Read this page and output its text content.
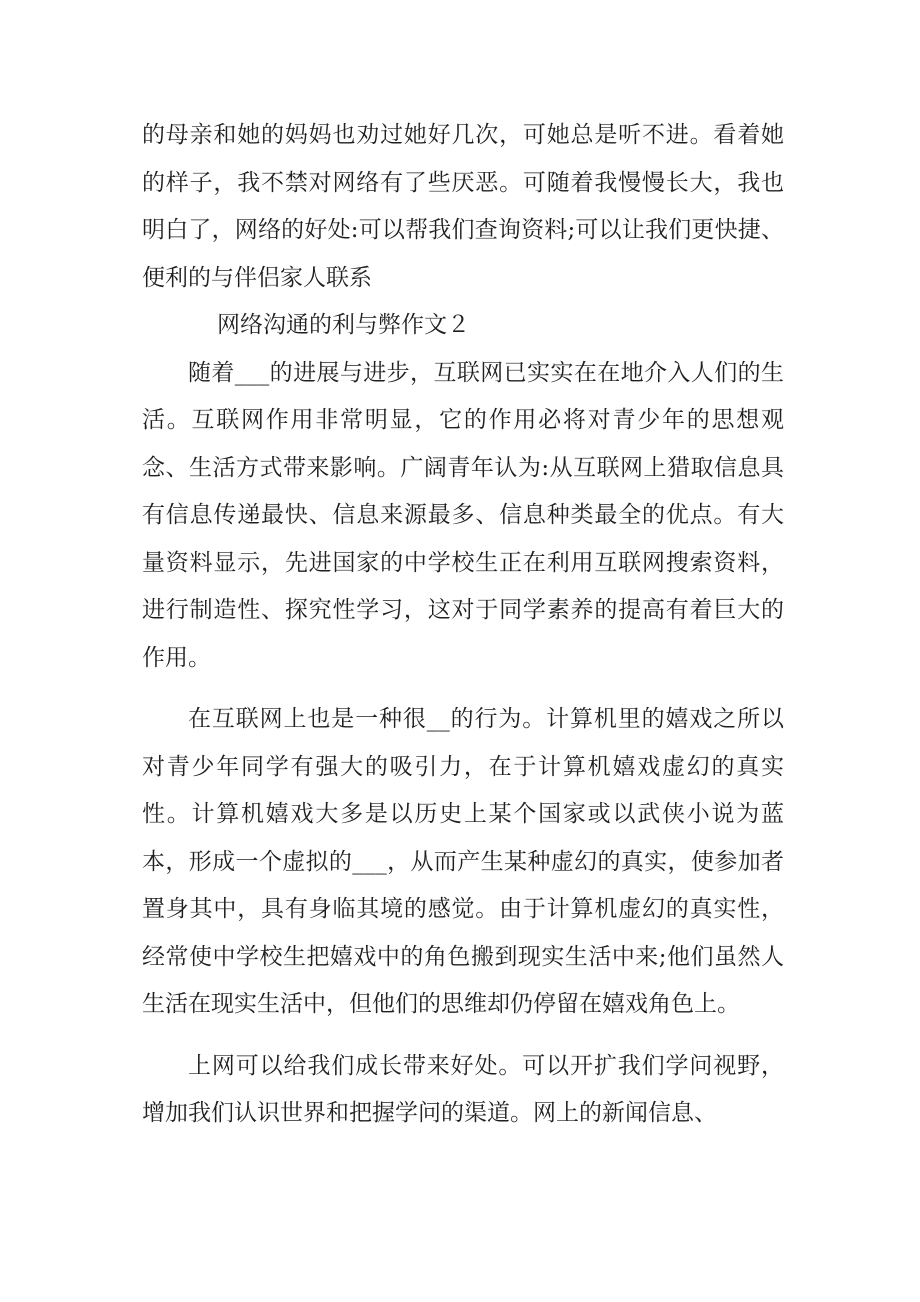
的母亲和她的妈妈也劝过她好几次，可她总是听不进。看着她的样子，我不禁对网络有了些厌恶。可随着我慢慢长大，我也明白了，网络的好处:可以帮我们查询资料;可以让我们更快捷、便利的与伴侣家人联系

网络沟通的利与弊作文２

随着___的进展与进步，互联网已实实在在地介入人们的生活。互联网作用非常明显，它的作用必将对青少年的思想观念、生活方式带来影响。广阔青年认为:从互联网上猎取信息具有信息传递最快、信息来源最多、信息种类最全的优点。有大量资料显示，先进国家的中学校生正在利用互联网搜索资料，进行制造性、探究性学习，这对于同学素养的提高有着巨大的作用。

在互联网上也是一种很__的行为。计算机里的嬉戏之所以对青少年同学有强大的吸引力，在于计算机嬉戏虚幻的真实性。计算机嬉戏大多是以历史上某个国家或以武侠小说为蓝本，形成一个虚拟的___，从而产生某种虚幻的真实，使参加者置身其中，具有身临其境的感觉。由于计算机虚幻的真实性，经常使中学校生把嬉戏中的角色搬到现实生活中来;他们虽然人生活在现实生活中，但他们的思维却仍停留在嬉戏角色上。

上网可以给我们成长带来好处。可以开扩我们学问视野，增加我们认识世界和把握学问的渠道。网上的新闻信息、
